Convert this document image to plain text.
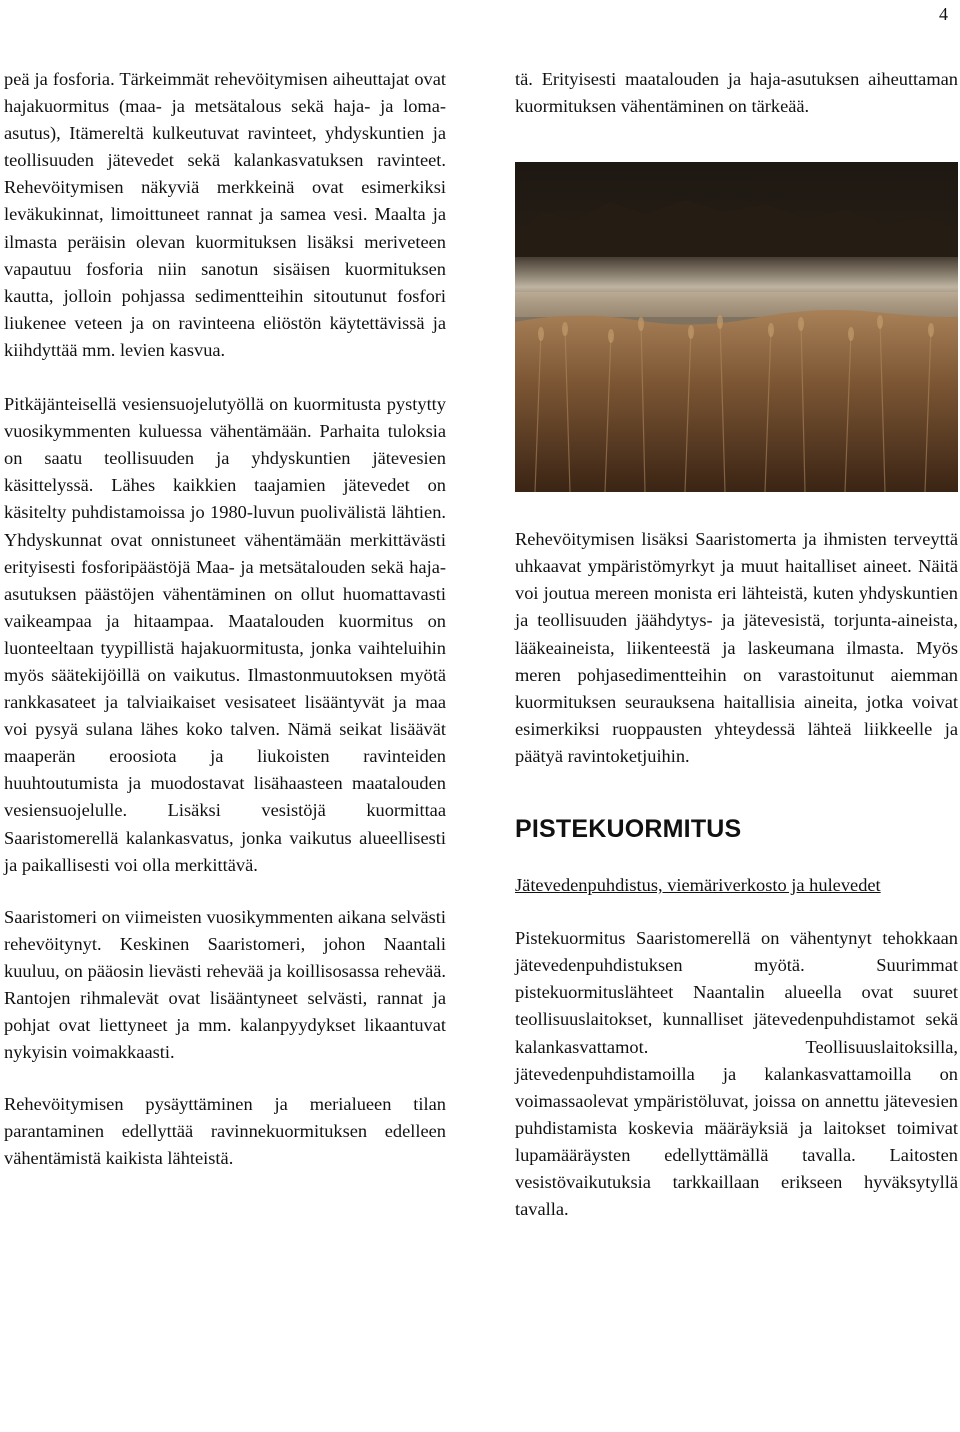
4

peä ja fosforia. Tärkeimmät rehevöitymisen aiheuttajat ovat hajakuormitus (maa- ja metsätalous sekä haja- ja loma-asutus), Itämereltä kulkeutuvat ravinteet, yhdyskuntien ja teollisuuden jätevedet sekä kalankasvatuksen ravinteet. Rehevöitymisen näkyviä merkkeinä ovat esimerkiksi leväkukinnat, limoittuneet rannat ja samea vesi. Maalta ja ilmasta peräisin olevan kuormituksen lisäksi meriveteen vapautuu fosforia niin sanotun sisäisen kuormituksen kautta, jolloin pohjassa sedimentteihin sitoutunut fosfori liukenee veteen ja on ravinteena eliöstön käytettävissä ja kiihdyttää mm. levien kasvua.

Pitkäjänteisellä vesiensuojelutyöllä on kuormitusta pystytty vuosikymmenten kuluessa vähentämään. Parhaita tuloksia on saatu teollisuuden ja yhdyskuntien jätevesien käsittelyssä. Lähes kaikkien taajamien jätevedet on käsitelty puhdistamoissa jo 1980-luvun puolivälistä lähtien. Yhdyskunnat ovat onnistuneet vähentämään merkittävästi erityisesti fosforipäästöjä Maa- ja metsätalouden sekä haja-asutuksen päästöjen vähentäminen on ollut huomattavasti vaikeampaa ja hitaampaa. Maatalouden kuormitus on luonteeltaan tyypillistä hajakuormitusta, jonka vaihteluihin myös säätekijöillä on vaikutus. Ilmastonmuutoksen myötä rankkasateet ja talviaikaiset vesisateet lisääntyvät ja maa voi pysyä sulana lähes koko talven. Nämä seikat lisäävät maaperän eroosiota ja liukoisten ravinteiden huuhtoutumista ja muodostavat lisähaasteen maatalouden vesiensuojelulle. Lisäksi vesistöjä kuormittaa Saaristomerellä kalankasvatus, jonka vaikutus alueellisesti ja paikallisesti voi olla merkittävä.

Saaristomeri on viimeisten vuosikymmenten aikana selvästi rehevöitynyt. Keskinen Saaristomeri, johon Naantali kuuluu, on pääosin lievästi rehevää ja koillisosassa rehevää. Rantojen rihmalevät ovat lisääntyneet selvästi, rannat ja pohjat ovat liettyneet ja mm. kalanpyydykset likaantuvat nykyisin voimakkaasti.

Rehevöitymisen pysäyttäminen ja merialueen tilan parantaminen edellyttää ravinnekuormituksen edelleen vähentämistä kaikista lähteistä.

tä. Erityisesti maatalouden ja haja-asutuksen aiheuttaman kuormituksen vähentäminen on tärkeää.

Rehevöitymisen lisäksi Saaristomerta ja ihmisten terveyttä uhkaavat ympäristömyrkyt ja muut haitalliset aineet. Näitä voi joutua mereen monista eri lähteistä, kuten yhdyskuntien ja teollisuuden jäähdytys- ja jätevesistä, torjunta-aineista, lääkeaineista, liikenteestä ja laskeumana ilmasta. Myös meren pohjasedimentteihin on varastoitunut aiemman kuormituksen seurauksena haitallisia aineita, jotka voivat esimerkiksi ruoppausten yhteydessä lähteä liikkeelle ja päätyä ravintoketjuihin.

PISTEKUORMITUS
Jätevedenpuhdistus, viemäriverkosto ja hulevedet

Pistekuormitus Saaristomerellä on vähentynyt tehokkaan jätevedenpuhdistuksen myötä. Suurimmat pistekuormituslähteet Naantalin alueella ovat suuret teollisuuslaitokset, kunnalliset jätevedenpuhdistamot sekä kalankasvattamot. Teollisuuslaitoksilla, jätevedenpuhdistamoilla ja kalankasvattamoilla on voimassaolevat ympäristöluvat, joissa on annettu jätevesien puhdistamista koskevia määräyksiä ja laitokset toimivat lupamääräysten edellyttämällä tavalla. Laitosten vesistövaikutuksia tarkkaillaan erikseen hyväksytyllä tavalla.
